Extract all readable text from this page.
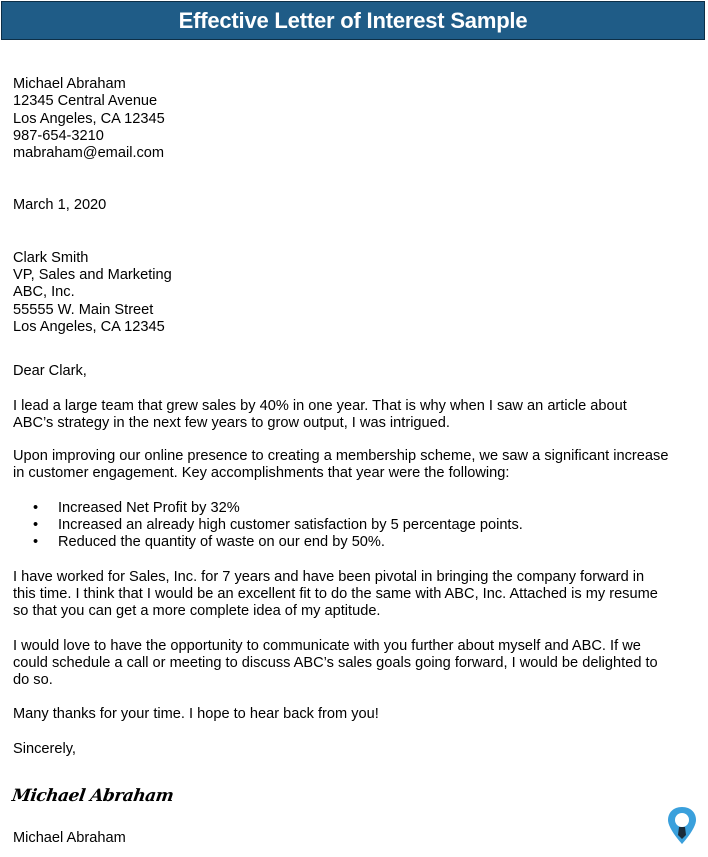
Effective Letter of Interest Sample
Michael Abraham
12345 Central Avenue
Los Angeles, CA 12345
987-654-3210
mabraham@email.com
March 1, 2020
Clark Smith
VP, Sales and Marketing
ABC, Inc.
55555 W. Main Street
Los Angeles, CA 12345
Dear Clark,

I lead a large team that grew sales by 40% in one year. That is why when I saw an article about
ABC’s strategy in the next few years to grow output, I was intrigued.

Upon improving our online presence to creating a membership scheme, we saw a significant increase
in customer engagement. Key accomplishments that year were the following:

• Increased Net Profit by 32%
• Increased an already high customer satisfaction by 5 percentage points.
• Reduced the quantity of waste on our end by 50%.

I have worked for Sales, Inc. for 7 years and have been pivotal in bringing the company forward in
this time. I think that I would be an excellent fit to do the same with ABC, Inc. Attached is my resume
so that you can get a more complete idea of my aptitude.

I would love to have the opportunity to communicate with you further about myself and ABC. If we
could schedule a call or meeting to discuss ABC’s sales goals going forward, I would be delighted to
do so.

Many thanks for your time. I hope to hear back from you!

Sincerely,
Michael Abraham
Michael Abraham
